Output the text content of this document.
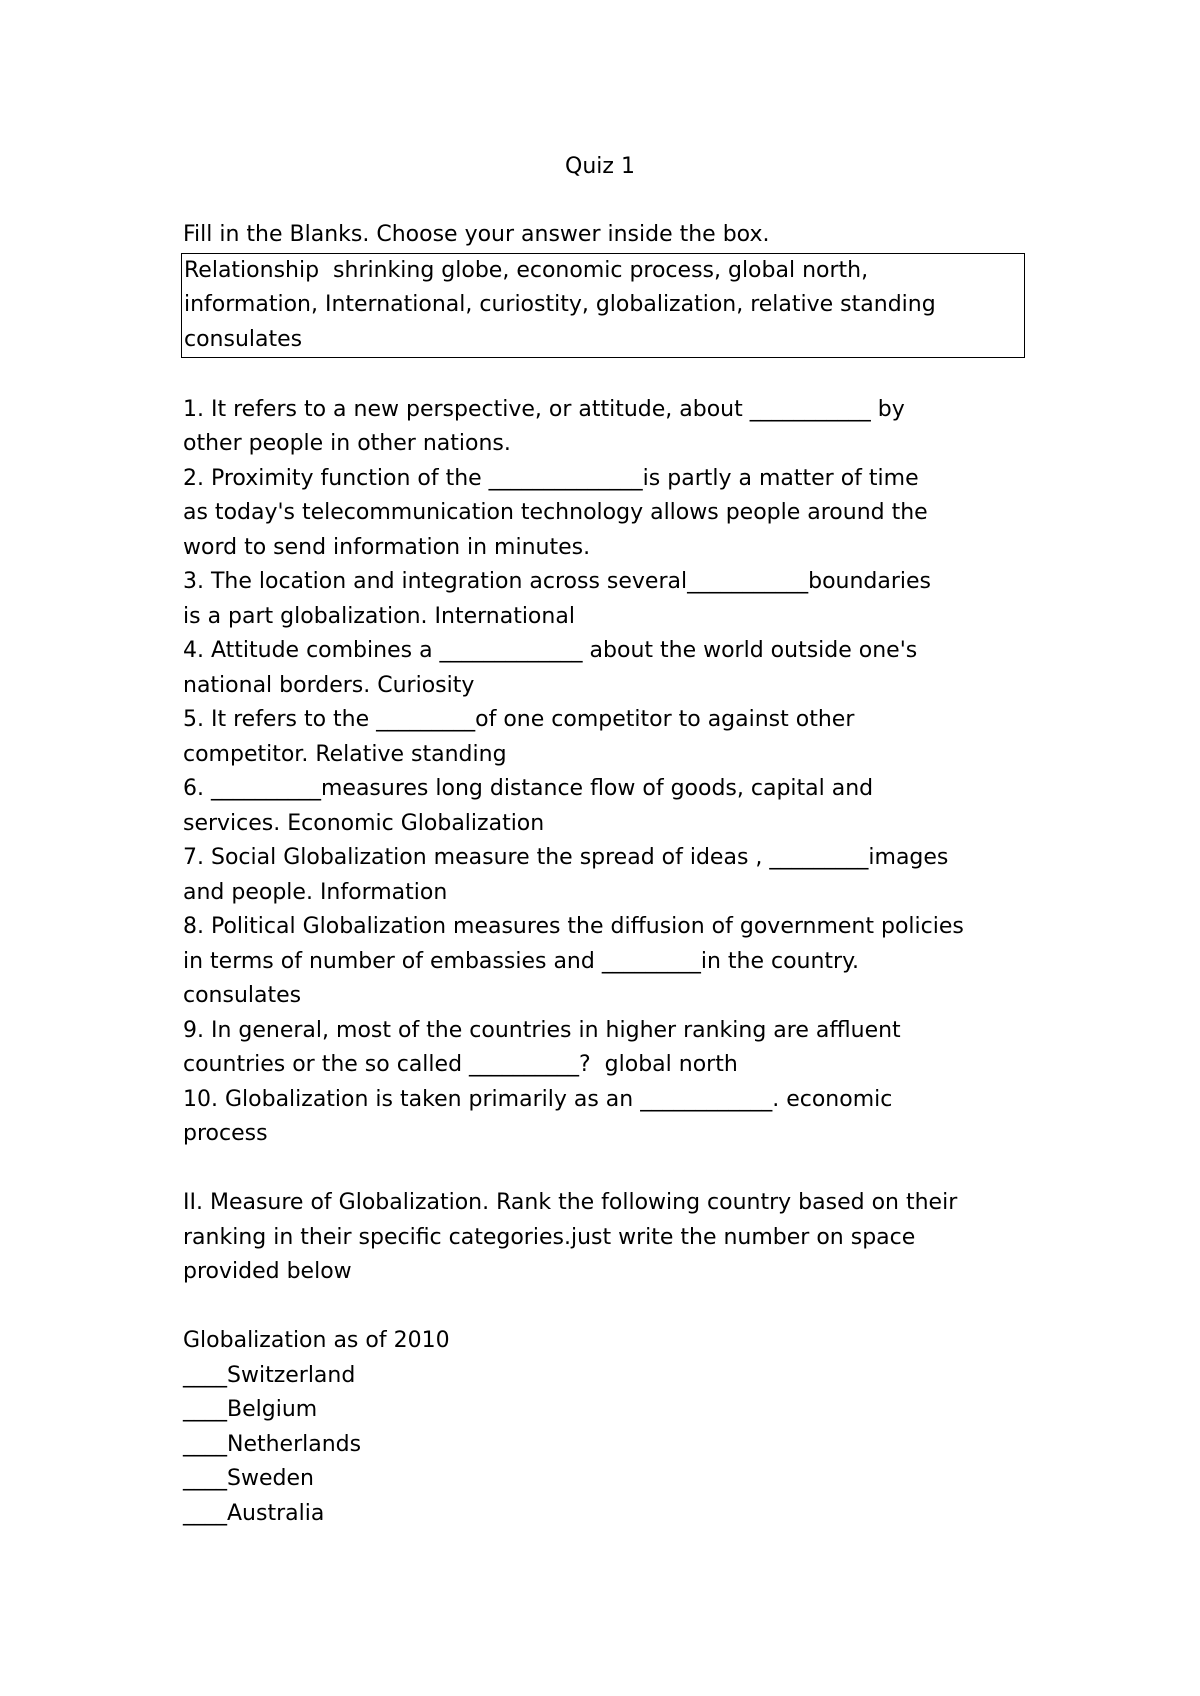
Quiz 1
Fill in the Blanks. Choose your answer inside the box.
Relationship  shrinking globe, economic process, global north,
information, International, curiostity, globalization, relative standing
consulates
1. It refers to a new perspective, or attitude, about ___________ by
other people in other nations.
2. Proximity function of the ______________is partly a matter of time
as today's telecommunication technology allows people around the
word to send information in minutes.
3. The location and integration across several___________boundaries
is a part globalization. International
4. Attitude combines a _____________ about the world outside one's
national borders. Curiosity
5. It refers to the _________of one competitor to against other
competitor. Relative standing
6. __________measures long distance flow of goods, capital and
services. Economic Globalization
7. Social Globalization measure the spread of ideas , _________images
and people. Information
8. Political Globalization measures the diffusion of government policies
in terms of number of embassies and _________in the country.
consulates
9. In general, most of the countries in higher ranking are affluent
countries or the so called __________?  global north
10. Globalization is taken primarily as an ____________. economic
process
II. Measure of Globalization. Rank the following country based on their
ranking in their specific categories.just write the number on space
provided below
Globalization as of 2010
____Switzerland
____Belgium
____Netherlands
____Sweden
____Australia
